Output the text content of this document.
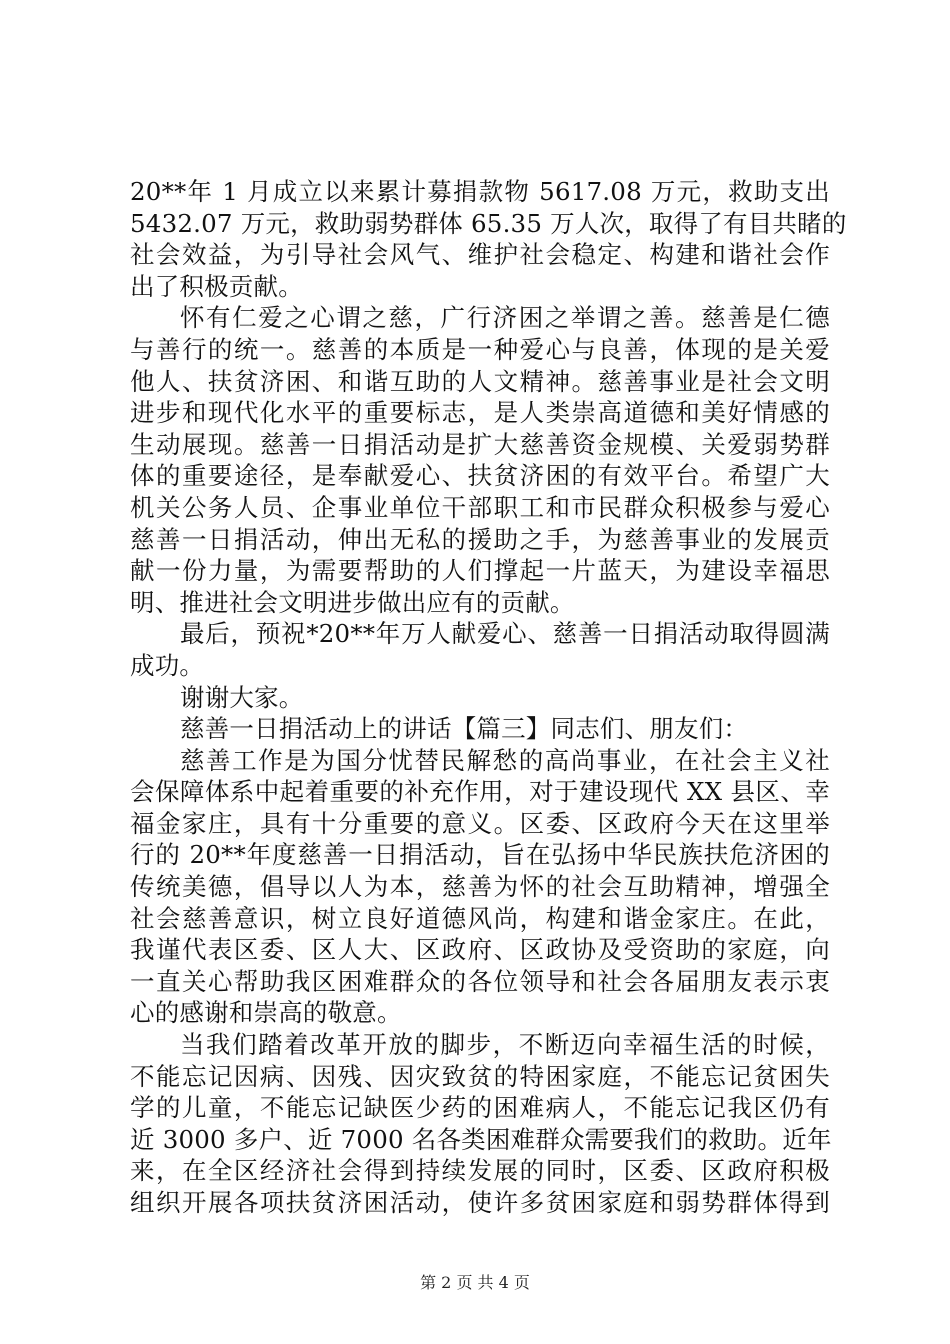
20**年 1 月成立以来累计募捐款物 5617.08 万元，救助支出
5432.07 万元，救助弱势群体 65.35 万人次，取得了有目共睹的
社会效益，为引导社会风气、维护社会稳定、构建和谐社会作
出了积极贡献。
怀有仁爱之心谓之慈，广行济困之举谓之善。慈善是仁德
与善行的统一。慈善的本质是一种爱心与良善，体现的是关爱
他人、扶贫济困、和谐互助的人文精神。慈善事业是社会文明
进步和现代化水平的重要标志，是人类崇高道德和美好情感的
生动展现。慈善一日捐活动是扩大慈善资金规模、关爱弱势群
体的重要途径，是奉献爱心、扶贫济困的有效平台。希望广大
机关公务人员、企事业单位干部职工和市民群众积极参与爱心
慈善一日捐活动，伸出无私的援助之手，为慈善事业的发展贡
献一份力量，为需要帮助的人们撑起一片蓝天，为建设幸福思
明、推进社会文明进步做出应有的贡献。
最后，预祝*20**年万人献爱心、慈善一日捐活动取得圆满
成功。
谢谢大家。
慈善一日捐活动上的讲话【篇三】同志们、朋友们：
慈善工作是为国分忧替民解愁的高尚事业，在社会主义社
会保障体系中起着重要的补充作用，对于建设现代 XX 县区、幸
福金家庄，具有十分重要的意义。区委、区政府今天在这里举
行的 20**年度慈善一日捐活动，旨在弘扬中华民族扶危济困的
传统美德，倡导以人为本，慈善为怀的社会互助精神，增强全
社会慈善意识，树立良好道德风尚，构建和谐金家庄。在此，
我谨代表区委、区人大、区政府、区政协及受资助的家庭，向
一直关心帮助我区困难群众的各位领导和社会各届朋友表示衷
心的感谢和崇高的敬意。
当我们踏着改革开放的脚步，不断迈向幸福生活的时候，
不能忘记因病、因残、因灾致贫的特困家庭，不能忘记贫困失
学的儿童，不能忘记缺医少药的困难病人，不能忘记我区仍有
近 3000 多户、近 7000 名各类困难群众需要我们的救助。近年
来，在全区经济社会得到持续发展的同时，区委、区政府积极
组织开展各项扶贫济困活动，使许多贫困家庭和弱势群体得到
第 2 页 共 4 页
